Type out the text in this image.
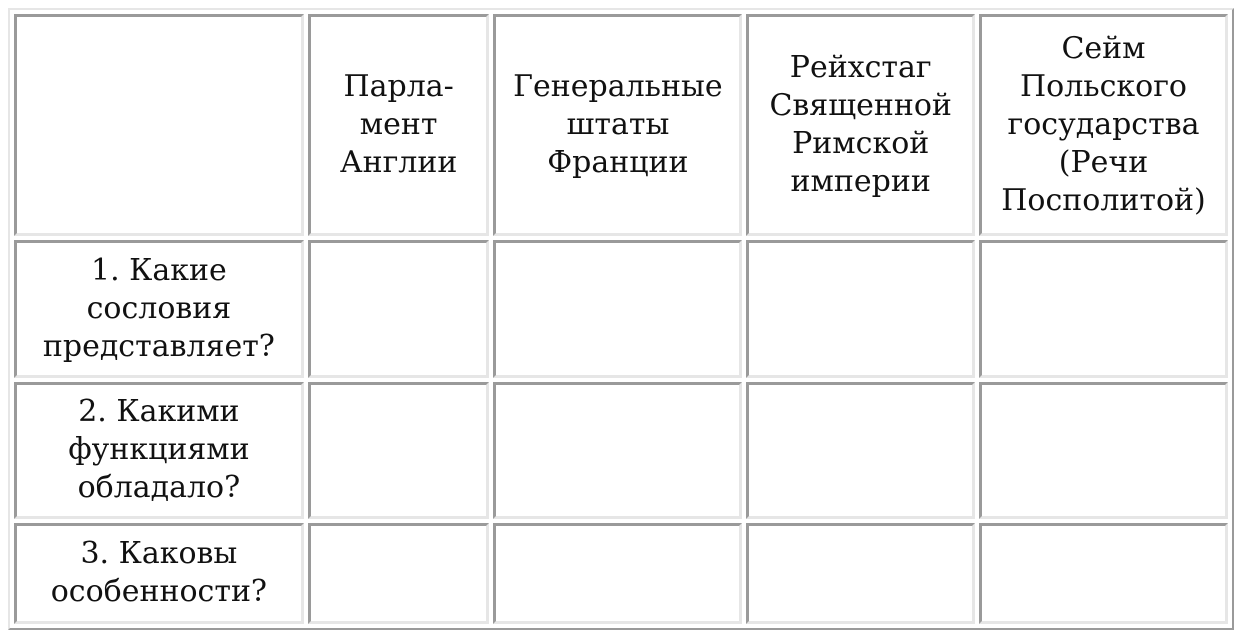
	Парла-
мент
Англии	Генеральные
штаты
Франции	Рейхстаг
Священной
Римской
империи	Сейм
Польского
государства
(Речи
Посполитой)

1. Какие
сословия
представляет?				

2. Какими
функциями
обладало?				

3. Каковы
особенности?				
